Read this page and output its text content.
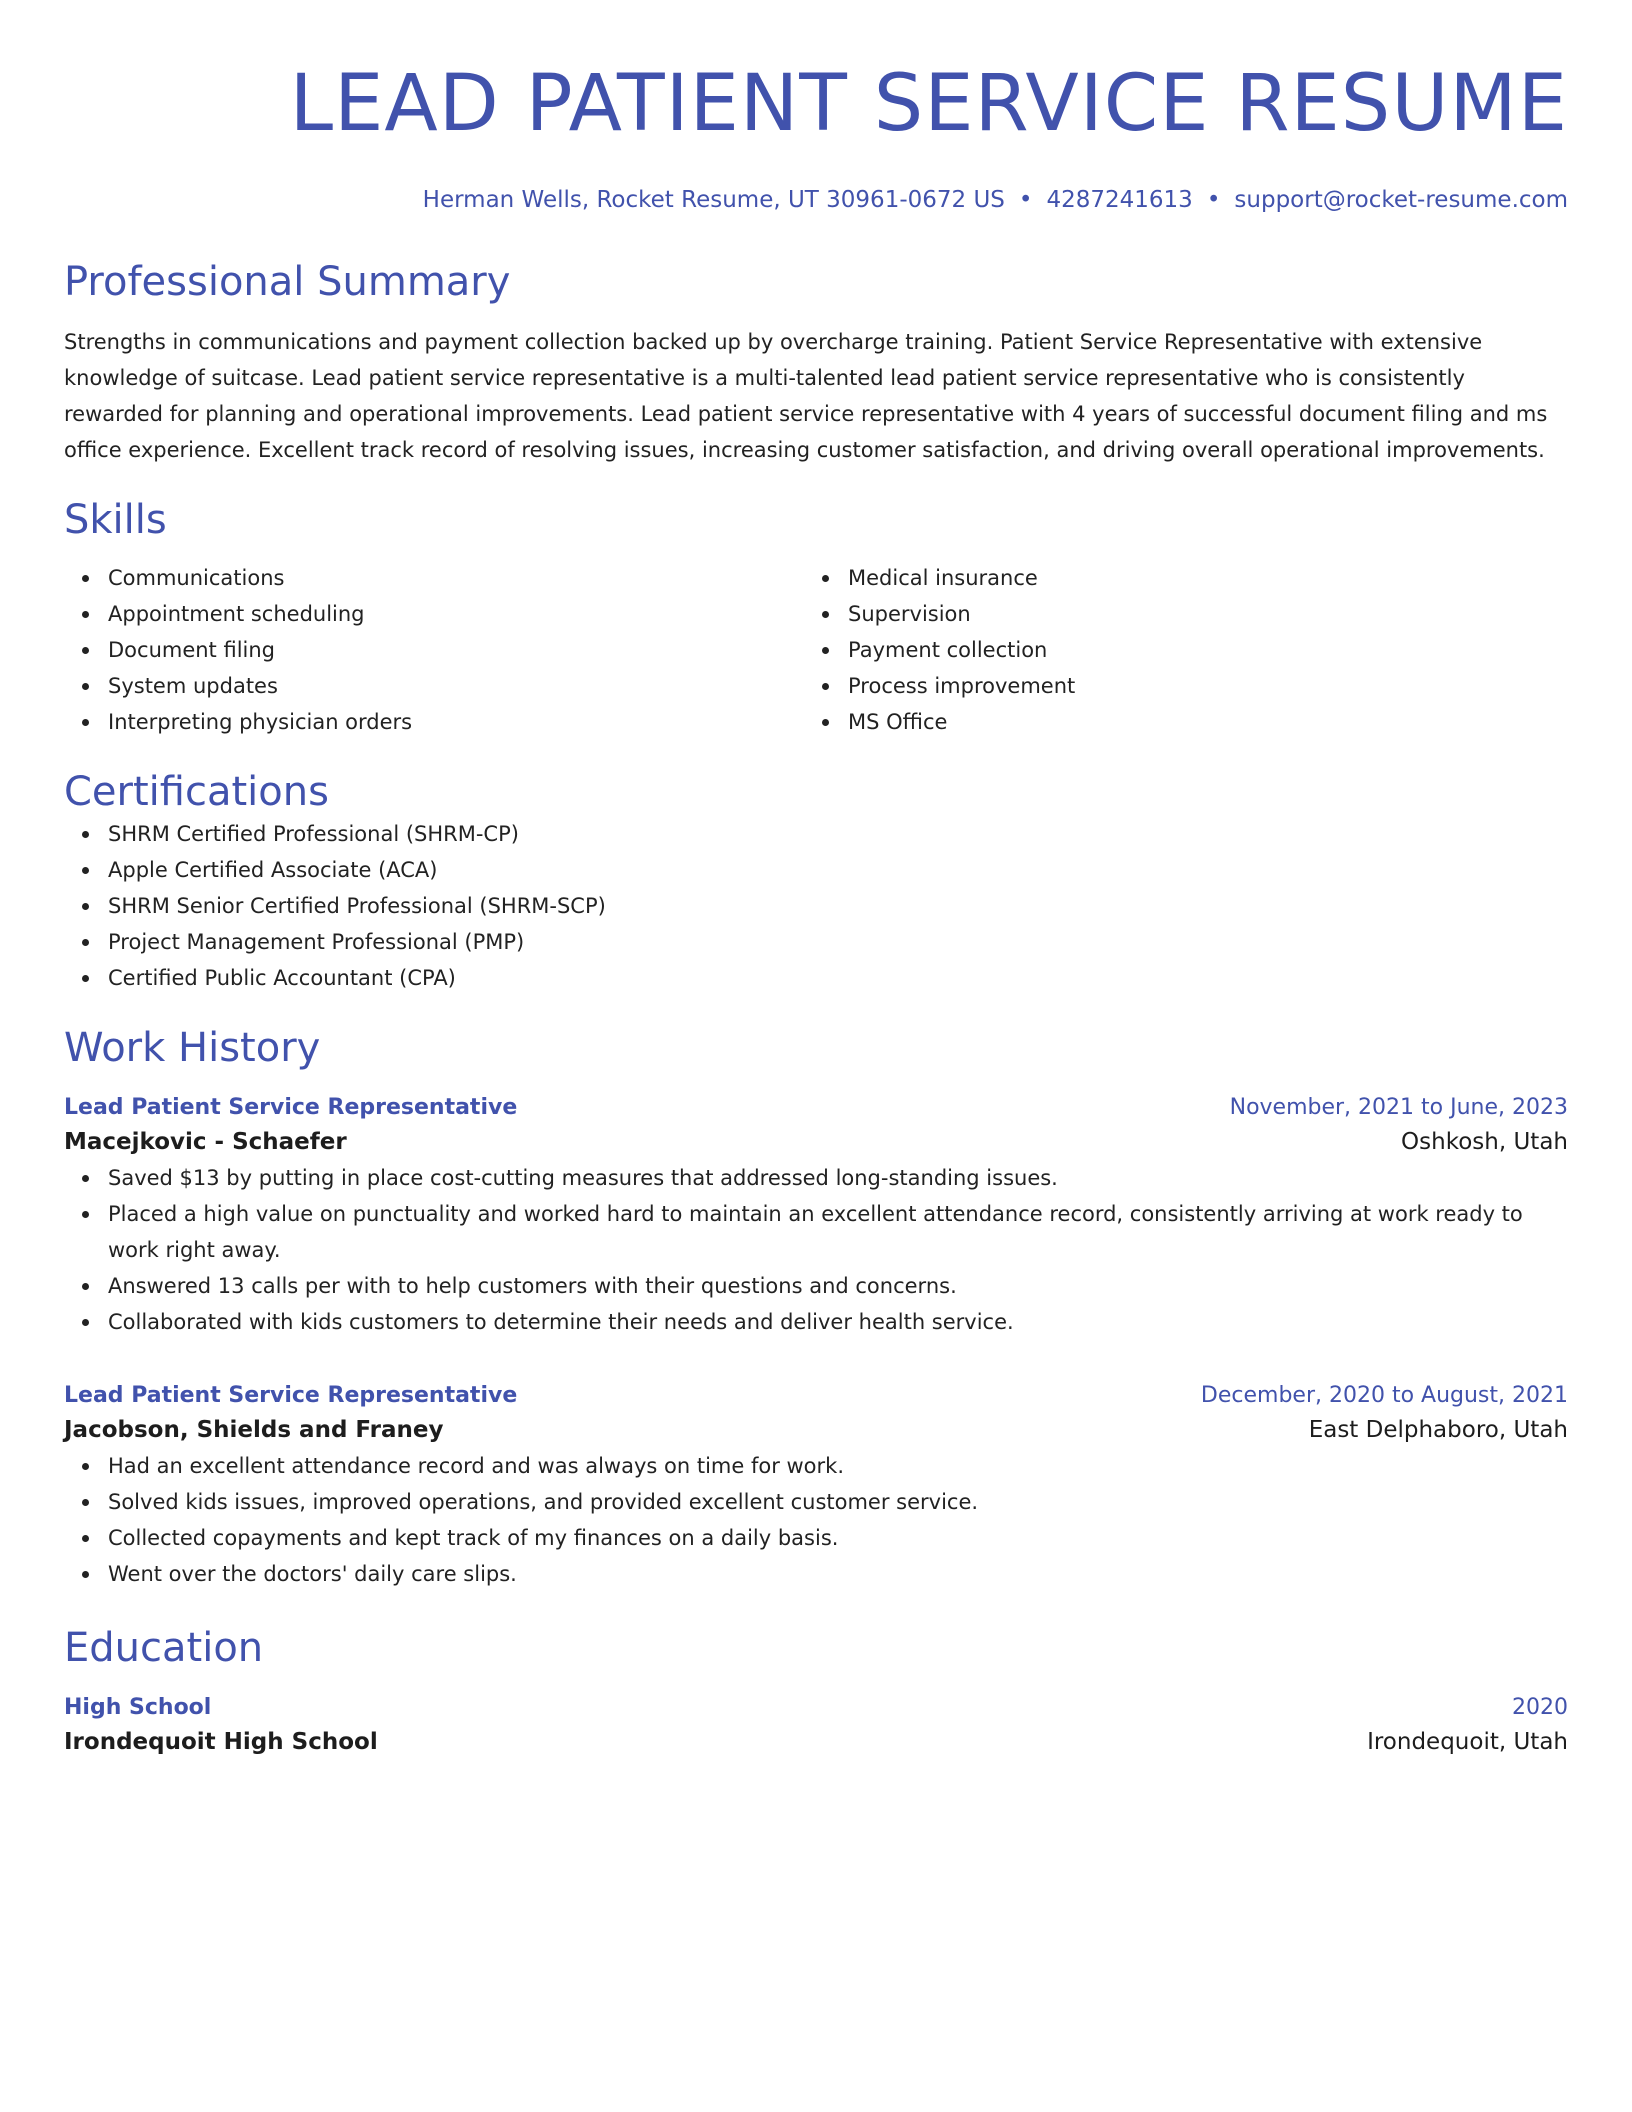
LEAD PATIENT SERVICE RESUME
Herman Wells, Rocket Resume, UT 30961-0672 US • 4287241613 • support@rocket-resume.com
Professional Summary

Strengths in communications and payment collection backed up by overcharge training. Patient Service Representative with extensive knowledge of suitcase. Lead patient service representative is a multi-talented lead patient service representative who is consistently rewarded for planning and operational improvements. Lead patient service representative with 4 years of successful document filing and ms office experience. Excellent track record of resolving issues, increasing customer satisfaction, and driving overall operational improvements.

Skills
Communications
Appointment scheduling
Document filing
System updates
Interpreting physician orders
Medical insurance
Supervision
Payment collection
Process improvement
MS Office
Certifications
SHRM Certified Professional (SHRM-CP)
Apple Certified Associate (ACA)
SHRM Senior Certified Professional (SHRM-SCP)
Project Management Professional (PMP)
Certified Public Accountant (CPA)
Work History
Lead Patient Service Representative	November, 2021 to June, 2023
Macejkovic - Schaefer	Oshkosh, Utah
Saved $13 by putting in place cost-cutting measures that addressed long-standing issues.
Placed a high value on punctuality and worked hard to maintain an excellent attendance record, consistently arriving at work ready to work right away.
Answered 13 calls per with to help customers with their questions and concerns.
Collaborated with kids customers to determine their needs and deliver health service.
Lead Patient Service Representative	December, 2020 to August, 2021
Jacobson, Shields and Franey	East Delphaboro, Utah
Had an excellent attendance record and was always on time for work.
Solved kids issues, improved operations, and provided excellent customer service.
Collected copayments and kept track of my finances on a daily basis.
Went over the doctors' daily care slips.
Education
High School	2020
Irondequoit High School	Irondequoit, Utah
